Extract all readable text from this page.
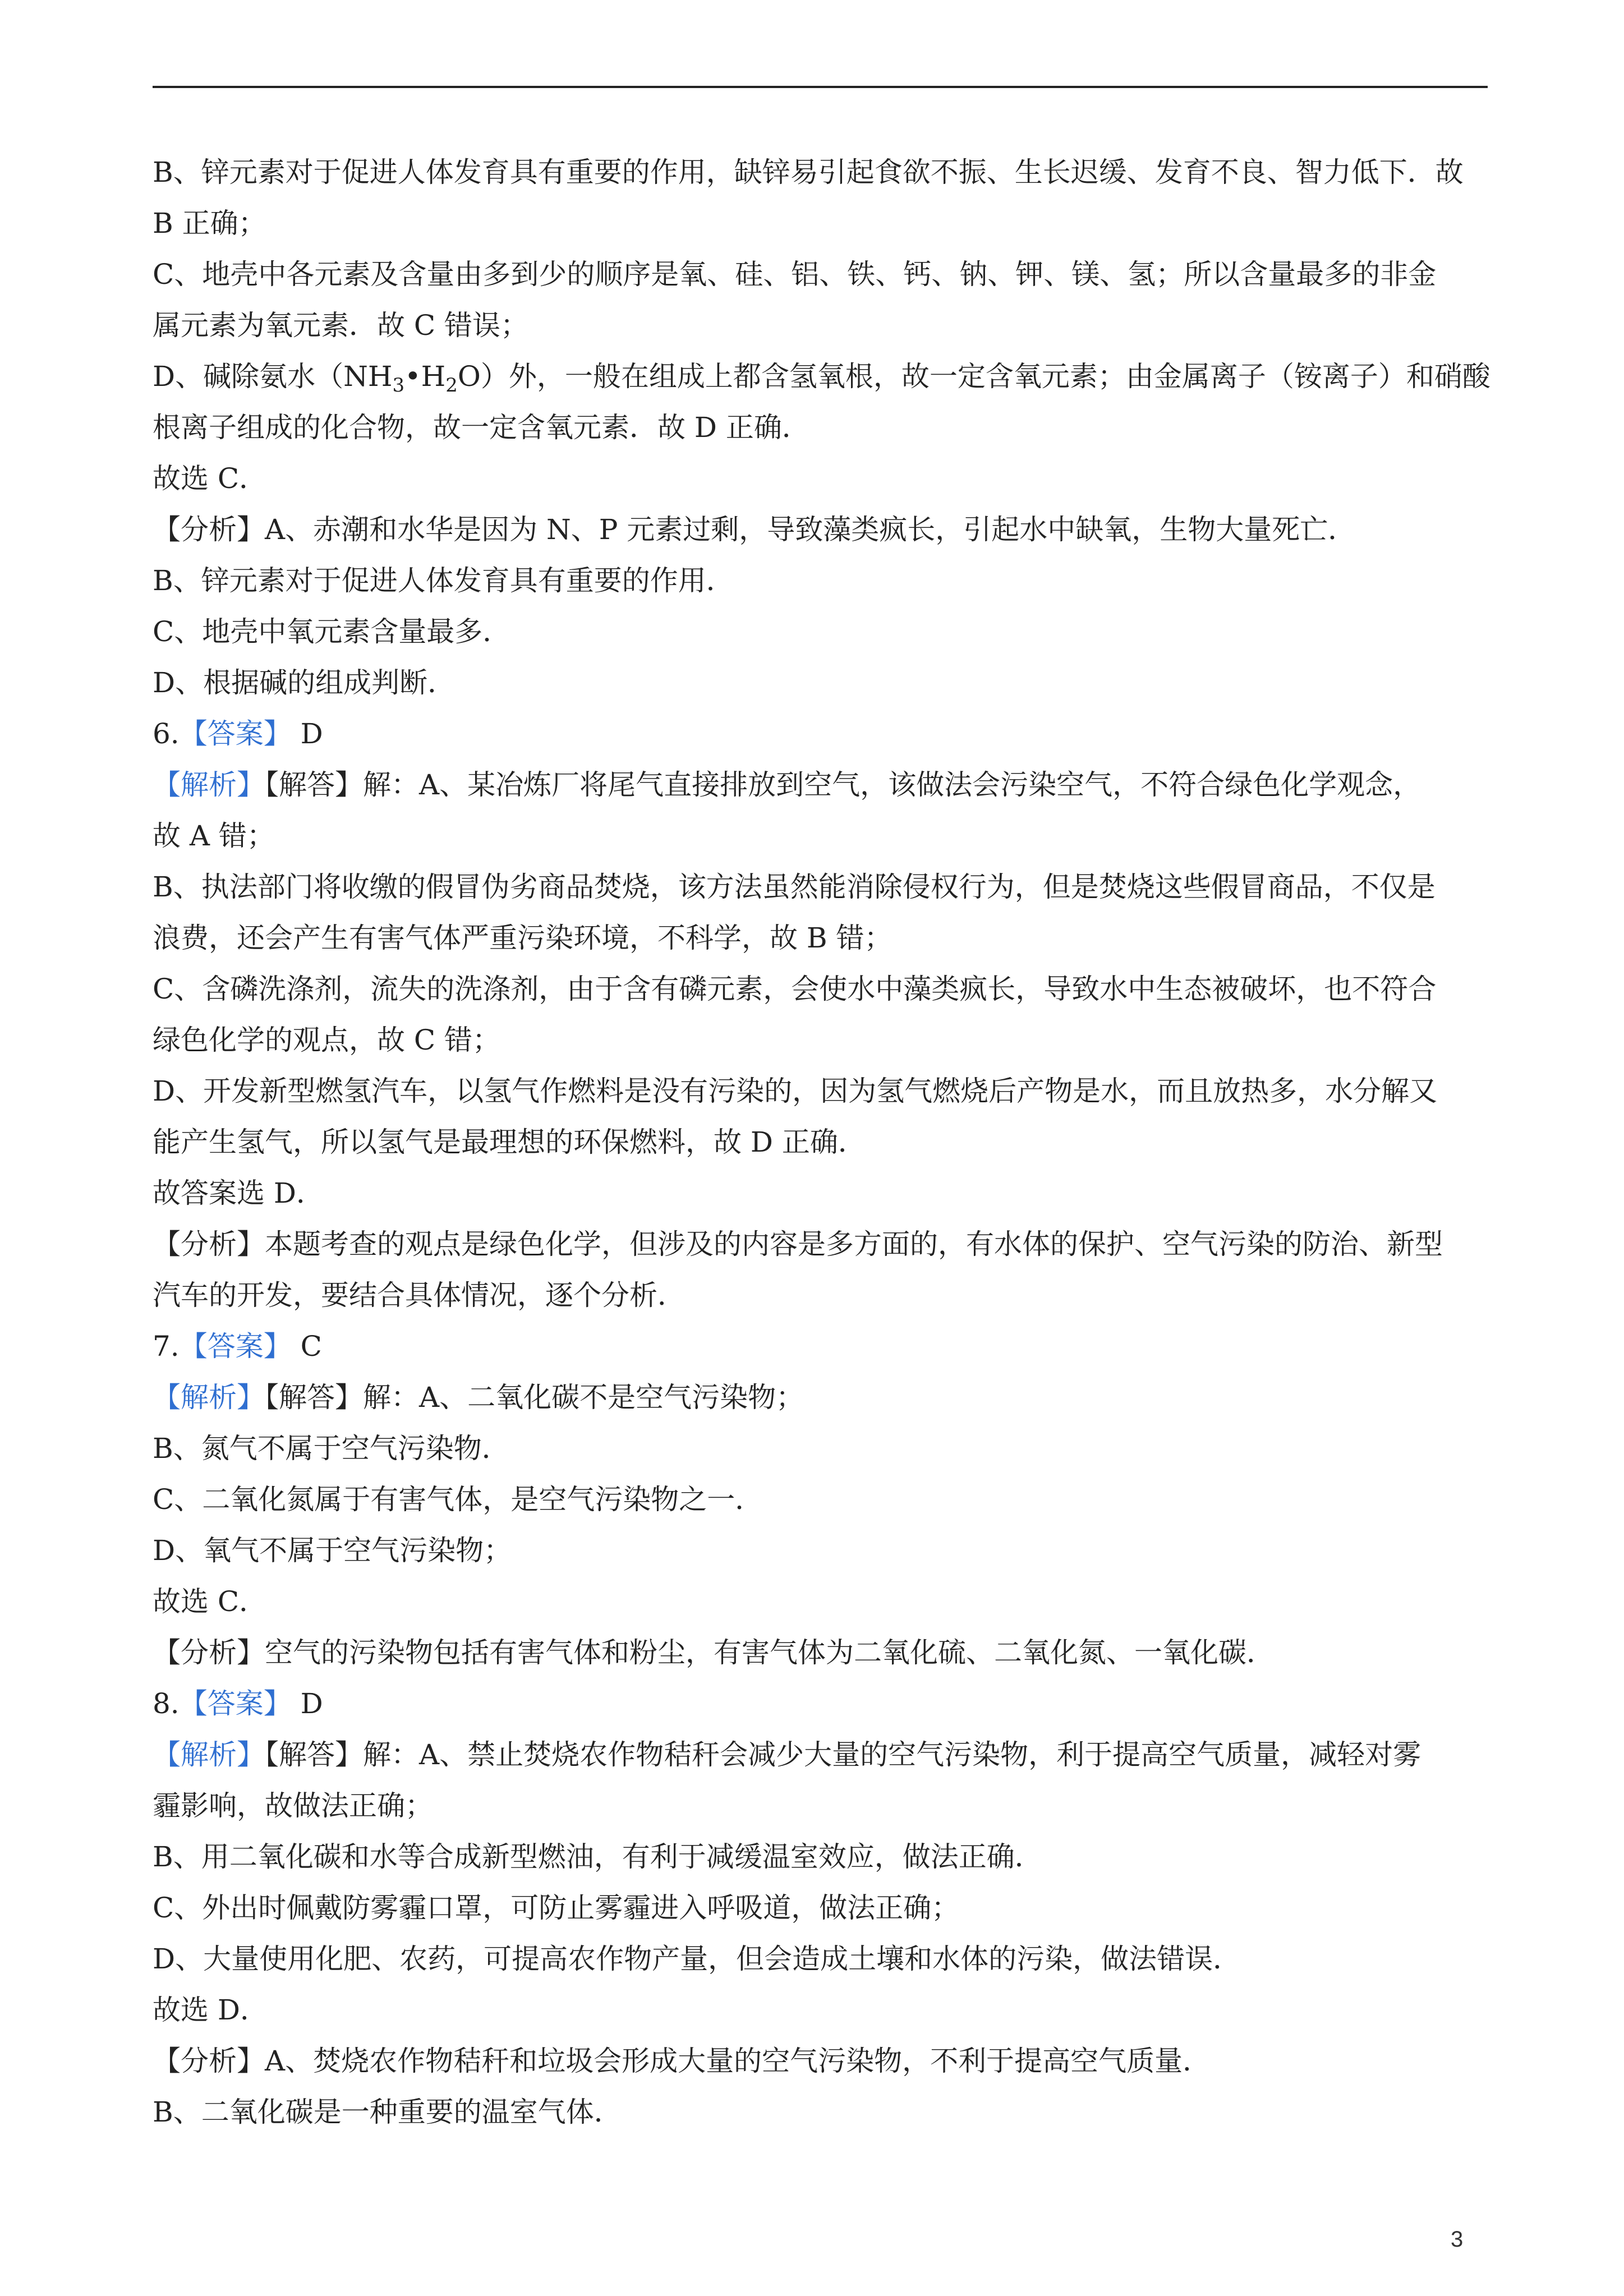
B、锌元素对于促进人体发育具有重要的作用，缺锌易引起食欲不振、生长迟缓、发育不良、智力低下．故

B 正确；

C、地壳中各元素及含量由多到少的顺序是氧、硅、铝、铁、钙、钠、钾、镁、氢；所以含量最多的非金

属元素为氧元素．故 C 错误；

D、碱除氨水$(NH_3•H_2O)$外，一般在组成上都含氢氧根，故一定含氧元素；由金属离子（铵离子）和硝酸

根离子组成的化合物，故一定含氧元素．故 D 正确．

故选 C．

【分析】A、赤潮和水华是因为 N、P 元素过剩，导致藻类疯长，引起水中缺氧，生物大量死亡．

B、锌元素对于促进人体发育具有重要的作用．

C、地壳中氧元素含量最多．

D、根据碱的组成判断．

6.【答案】 D

【解析】【解答】解：A、某冶炼厂将尾气直接排放到空气，该做法会污染空气，不符合绿色化学观念，

故 A 错；

B、执法部门将收缴的假冒伪劣商品焚烧，该方法虽然能消除侵权行为，但是焚烧这些假冒商品，不仅是

浪费，还会产生有害气体严重污染环境，不科学，故 B 错；

C、含磷洗涤剂，流失的洗涤剂，由于含有磷元素，会使水中藻类疯长，导致水中生态被破坏，也不符合

绿色化学的观点，故 C 错；

D、开发新型燃氢汽车，以氢气作燃料是没有污染的，因为氢气燃烧后产物是水，而且放热多，水分解又

能产生氢气，所以氢气是最理想的环保燃料，故 D 正确．

故答案选 D．

【分析】本题考查的观点是绿色化学，但涉及的内容是多方面的，有水体的保护、空气污染的防治、新型

汽车的开发，要结合具体情况，逐个分析．

7.【答案】 C

【解析】【解答】解：A、二氧化碳不是空气污染物；

B、氮气不属于空气污染物．

C、二氧化氮属于有害气体，是空气污染物之一．

D、氧气不属于空气污染物；

故选 C．

【分析】空气的污染物包括有害气体和粉尘，有害气体为二氧化硫、二氧化氮、一氧化碳．

8.【答案】 D

【解析】【解答】解：A、禁止焚烧农作物秸秆会减少大量的空气污染物，利于提高空气质量，减轻对雾

霾影响，故做法正确；

B、用二氧化碳和水等合成新型燃油，有利于减缓温室效应，做法正确．

C、外出时佩戴防雾霾口罩，可防止雾霾进入呼吸道，做法正确；

D、大量使用化肥、农药，可提高农作物产量，但会造成土壤和水体的污染，做法错误．

故选 D．

【分析】A、焚烧农作物秸秆和垃圾会形成大量的空气污染物，不利于提高空气质量．

B、二氧化碳是一种重要的温室气体．

3
